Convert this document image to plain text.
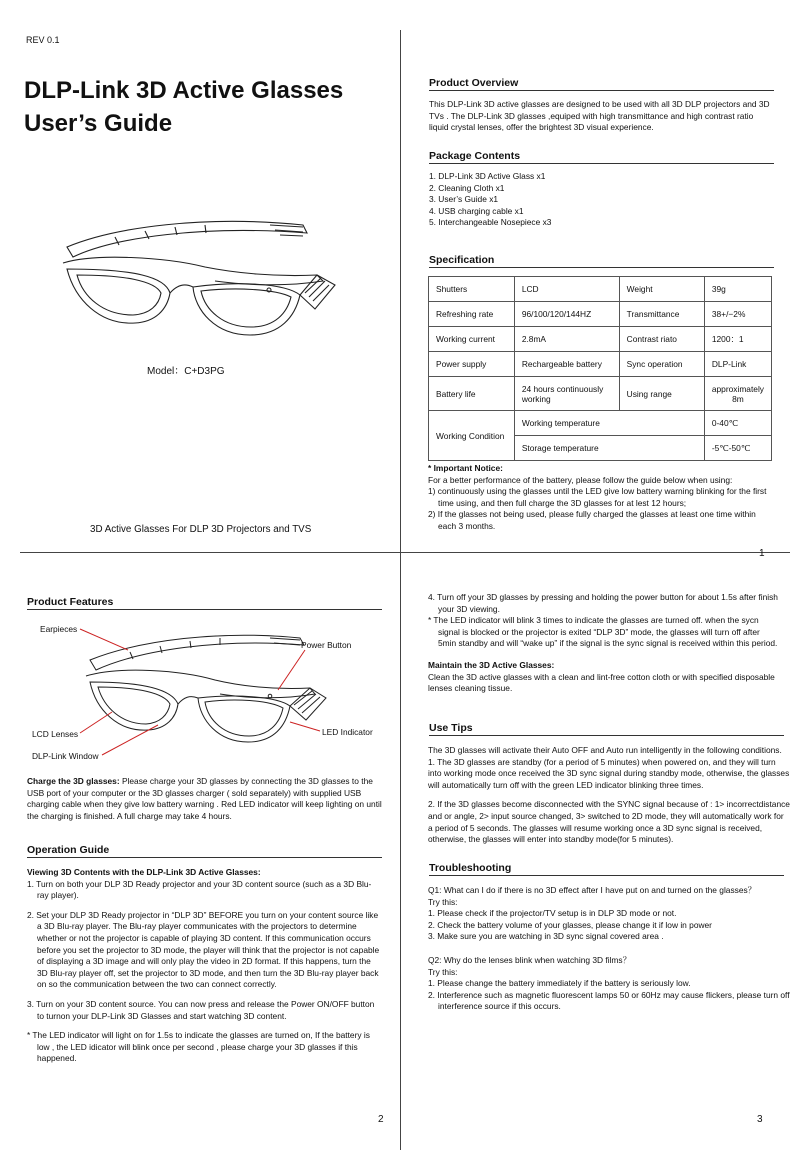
REV 0.1
DLP-Link 3D Active Glasses
User’s Guide
Model：C+D3PG
3D Active Glasses For DLP 3D Projectors and TVS
Product Overview
This DLP-Link 3D active glasses are designed to be used with all 3D DLP projectors and 3D TVs . The DLP-Link 3D glasses ,equiped with high transmittance and high contrast ratio liquid crystal lenses, offer the brightest 3D visual experience.
Package Contents

1. DLP-Link 3D Active Glass x1

2. Cleaning Cloth x1

3. User’s Guide x1

4. USB charging cable x1

5. Interchangeable Nosepiece x3

Specification
Shutters	LCD	Weight	39g
Refreshing rate	96/100/120/144HZ	Transmittance	38+/−2%
Working current	2.8mA	Contrast riato	1200：1
Power supply	Rechargeable battery	Sync operation	DLP-Link
Battery life	24 hours continuously working	Using range	approximately 8m
Working Condition	Working temperature		0-40℃
	Storage temperature		-5℃-50℃

* Important Notice:

For a better performance of the battery, please follow the guide below when using:

1) continuously using the glasses until the LED give low battery warning blinking for the first time using, and then full charge the 3D glasses for at lest 12 hours;

2) If the glasses not being used, please fully charged the glasses at least one time within each 3 months.

1
Product Features
Earpieces
Power Button
LCD Lenses	LED Indicator
DLP-Link Window

Charge the 3D glasses: Please charge your 3D glasses by connecting the 3D glasses to the USB port of your computer or the 3D glasses charger ( sold separately) with supplied USB charging cable when they give low battery warning . Red LED indicator will keep lighting on until the charging is finished. A full charge may take 4 hours.

Operation Guide

Viewing 3D Contents with the DLP-Link 3D Active Glasses:

1. Turn on both your DLP 3D Ready projector and your 3D content source (such as a 3D Blu-ray player).

2. Set your DLP 3D Ready projector in “DLP 3D” BEFORE you turn on your content source like a 3D Blu-ray player. The Blu-ray player communicates with the projectors to determine whether or not the projector is capable of playing 3D content. If this communication occurs before you set the projector to 3D mode, the player will think that the projector is not capable of displaying a 3D image and will only play the video in 2D format. If this happens, turn the 3D Blu-ray player off, set the projector to 3D mode, and then turn the 3D Blu-ray player back on so the communication between the two can connect correctly.

3. Turn on your 3D content source. You can now press and release the Power ON/OFF button to turnon your DLP-Link 3D Glasses and start watching 3D content.

* The LED indicator will light on for 1.5s to indicate the glasses are turned on, If the battery is low , the LED idicator will blink once per second , please charge your 3D glasses if this happened.

2

4. Turn off your 3D glasses by pressing and holding the power button for about 1.5s after finish your 3D viewing.

* The LED indicator will blink 3 times to indicate the glasses are turned off. when the sycn signal is blocked or the projector is exited “DLP 3D” mode, the glasses will turn off after 5min standby and will “wake up” if the signal is the sync signal is received within this period.

Maintain the 3D Active Glasses:

Clean the 3D active glasses with a clean and lint-free cotton cloth or with specified disposable lenses cleaning tissue.

Use Tips

The 3D glasses will activate their Auto OFF and Auto run intelligently in the following conditions.

1. The 3D glasses are standby (for a period of 5 minutes) when powered on, and they will turn into working mode once received the 3D sync signal during standby mode, otherwise, the glasses will automatically turn off with the green LED indicator blinking three times.

2. If the 3D glasses become disconnected with the SYNC signal because of : 1> incorrectdistance and or angle, 2> input source changed, 3> switched to 2D mode, they will automatically work for a period of 5 seconds. The glasses will resume working once a 3D sync signal is received, otherwise, the glasses will enter into standby mode(for 5 minutes).

Troubleshooting

Q1: What can I do if there is no 3D effect after I have put on and turned on the glasses？

Try this:

1. Please check if the projector/TV setup is in DLP 3D mode or not.

2. Check the battery volume of your glasses, please change it if low in power

3. Make sure you are watching in 3D sync signal covered area .

Q2: Why do the lenses blink when watching 3D films？

Try this:

1. Please change the battery immediately if the battery is seriously low.

2. Interference such as magnetic fluorescent lamps 50 or 60Hz may cause flickers, please turn off interference source if this occurs.

3
